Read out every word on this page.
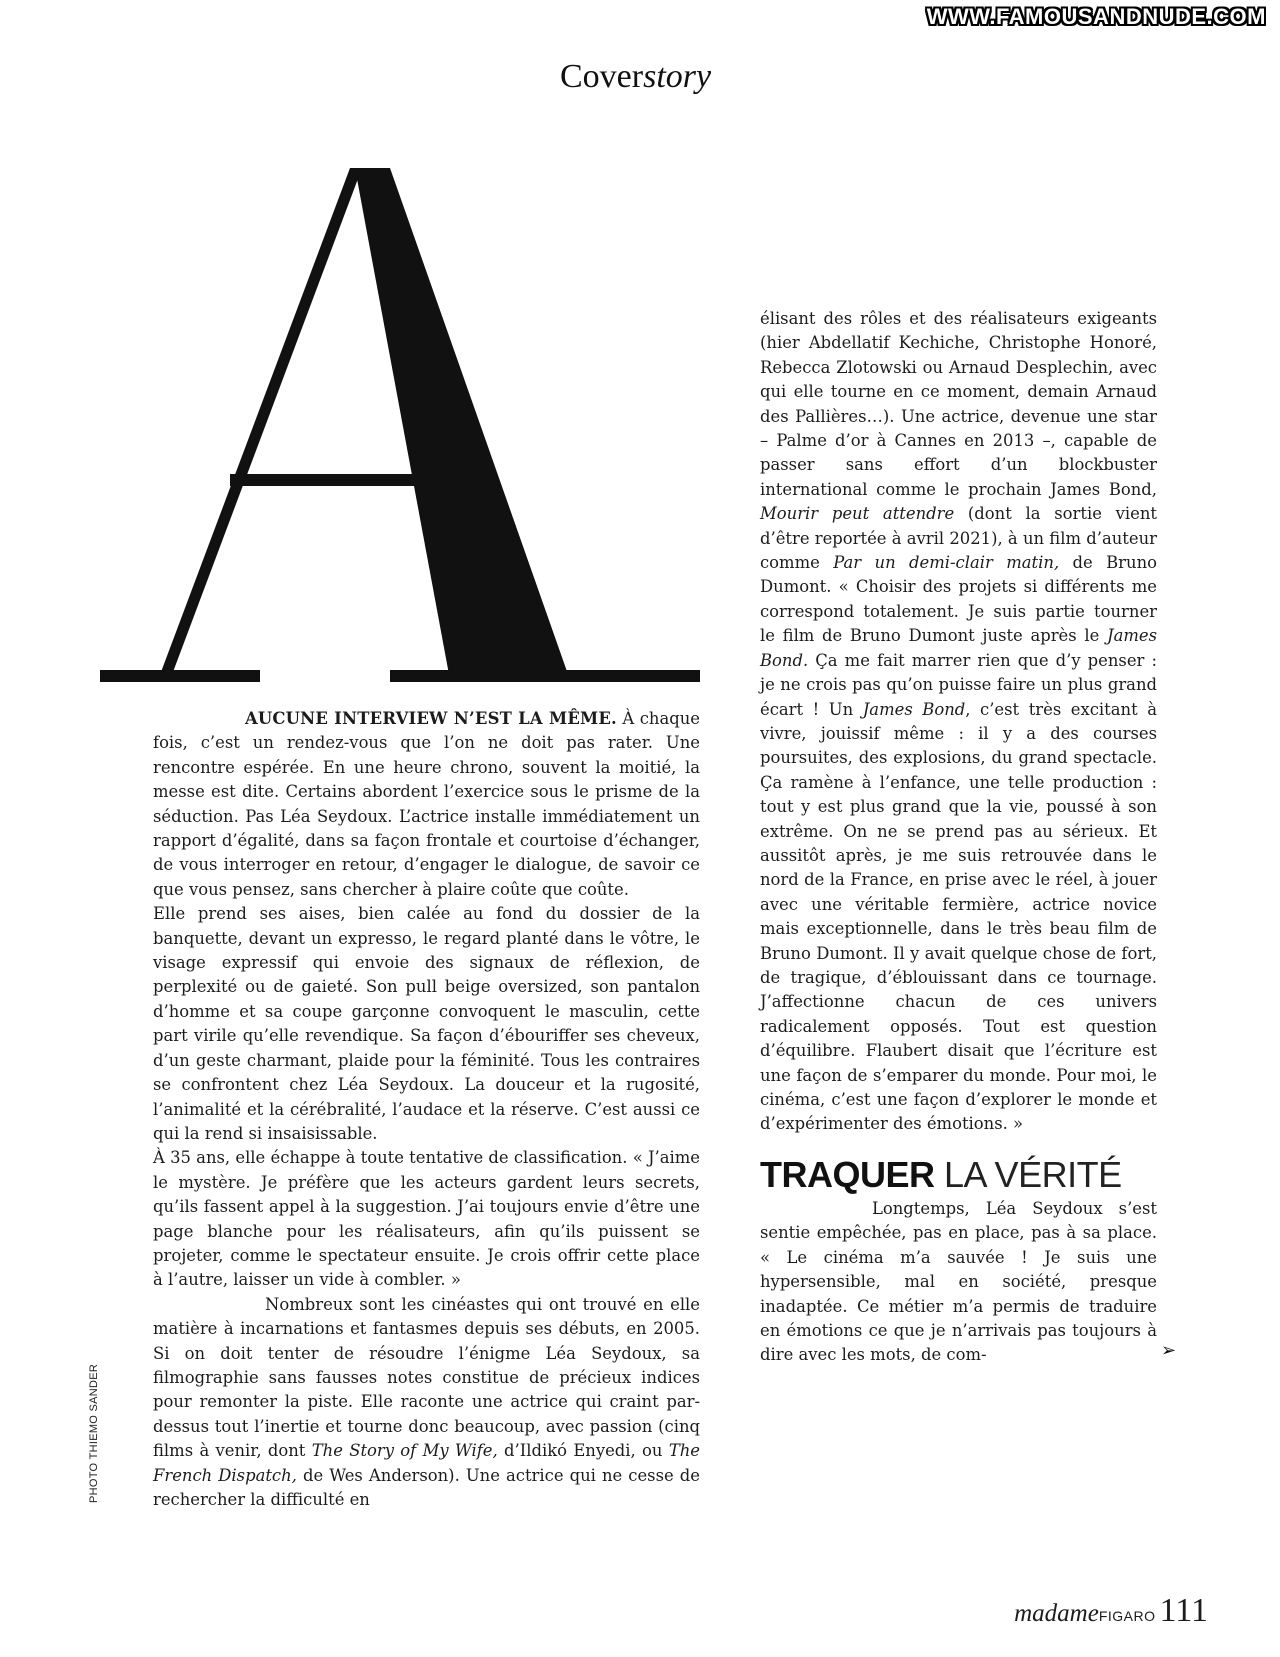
WWW.FAMOUSANDNUDE.COM
Coverstory

AUCUNE INTERVIEW N’EST LA MÊME. À chaque fois, c’est un rendez-vous que l’on ne doit pas rater. Une rencontre espérée. En une heure chrono, souvent la moitié, la messe est dite. Certains abordent l’exercice sous le prisme de la séduction. Pas Léa Seydoux. L’actrice installe immédiatement un rapport d’égalité, dans sa façon frontale et courtoise d’échanger, de vous interroger en retour, d’engager le dialogue, de savoir ce que vous pensez, sans chercher à plaire coûte que coûte.

Elle prend ses aises, bien calée au fond du dossier de la banquette, devant un expresso, le regard planté dans le vôtre, le visage expressif qui envoie des signaux de réflexion, de perplexité ou de gaieté. Son pull beige oversized, son pantalon d’homme et sa coupe garçonne convoquent le masculin, cette part virile qu’elle revendique. Sa façon d’ébouriffer ses cheveux, d’un geste charmant, plaide pour la féminité. Tous les contraires se confrontent chez Léa Seydoux. La douceur et la rugosité, l’animalité et la cérébralité, l’audace et la réserve. C’est aussi ce qui la rend si insaisissable.

À 35 ans, elle échappe à toute tentative de classification. « J’aime le mystère. Je préfère que les acteurs gardent leurs secrets, qu’ils fassent appel à la suggestion. J’ai toujours envie d’être une page blanche pour les réalisateurs, afin qu’ils puissent se projeter, comme le spectateur ensuite. Je crois offrir cette place à l’autre, laisser un vide à combler. »

Nombreux sont les cinéastes qui ont trouvé en elle matière à incarnations et fantasmes depuis ses débuts, en 2005. Si on doit tenter de résoudre l’énigme Léa Seydoux, sa filmographie sans fausses notes constitue de précieux indices pour remonter la piste. Elle raconte une actrice qui craint par-dessus tout l’inertie et tourne donc beaucoup, avec passion (cinq films à venir, dont The Story of My Wife, d’Ildikó Enyedi, ou The French Dispatch, de Wes Anderson). Une actrice qui ne cesse de rechercher la difficulté en

élisant des rôles et des réalisateurs exigeants (hier Abdellatif Kechiche, Christophe Honoré, Rebecca Zlotowski ou Arnaud Desplechin, avec qui elle tourne en ce moment, demain Arnaud des Pallières…). Une actrice, devenue une star – Palme d’or à Cannes en 2013 –, capable de passer sans effort d’un blockbuster international comme le prochain James Bond, Mourir peut attendre (dont la sortie vient d’être reportée à avril 2021), à un film d’auteur comme Par un demi-clair matin, de Bruno Dumont. « Choisir des projets si différents me correspond totalement. Je suis partie tourner le film de Bruno Dumont juste après le James Bond. Ça me fait marrer rien que d’y penser : je ne crois pas qu’on puisse faire un plus grand écart ! Un James Bond, c’est très excitant à vivre, jouissif même : il y a des courses poursuites, des explosions, du grand spectacle. Ça ramène à l’enfance, une telle production : tout y est plus grand que la vie, poussé à son extrême. On ne se prend pas au sérieux. Et aussitôt après, je me suis retrouvée dans le nord de la France, en prise avec le réel, à jouer avec une véritable fermière, actrice novice mais exceptionnelle, dans le très beau film de Bruno Dumont. Il y avait quelque chose de fort, de tragique, d’éblouissant dans ce tournage. J’affectionne chacun de ces univers radicalement opposés. Tout est question d’équilibre. Flaubert disait que l’écriture est une façon de s’emparer du monde. Pour moi, le cinéma, c’est une façon d’explorer le monde et d’expérimenter des émotions. »

TRAQUER LA VÉRITÉ

Longtemps, Léa Seydoux s’est sentie empêchée, pas en place, pas à sa place. « Le cinéma m’a sauvée ! Je suis une hypersensible, mal en société, presque inadaptée. Ce métier m’a permis de traduire en émotions ce que je n’arrivais pas toujours à dire avec les mots, de com-	➢
PHOTO THIEMO SANDER
madameFIGARO 111
